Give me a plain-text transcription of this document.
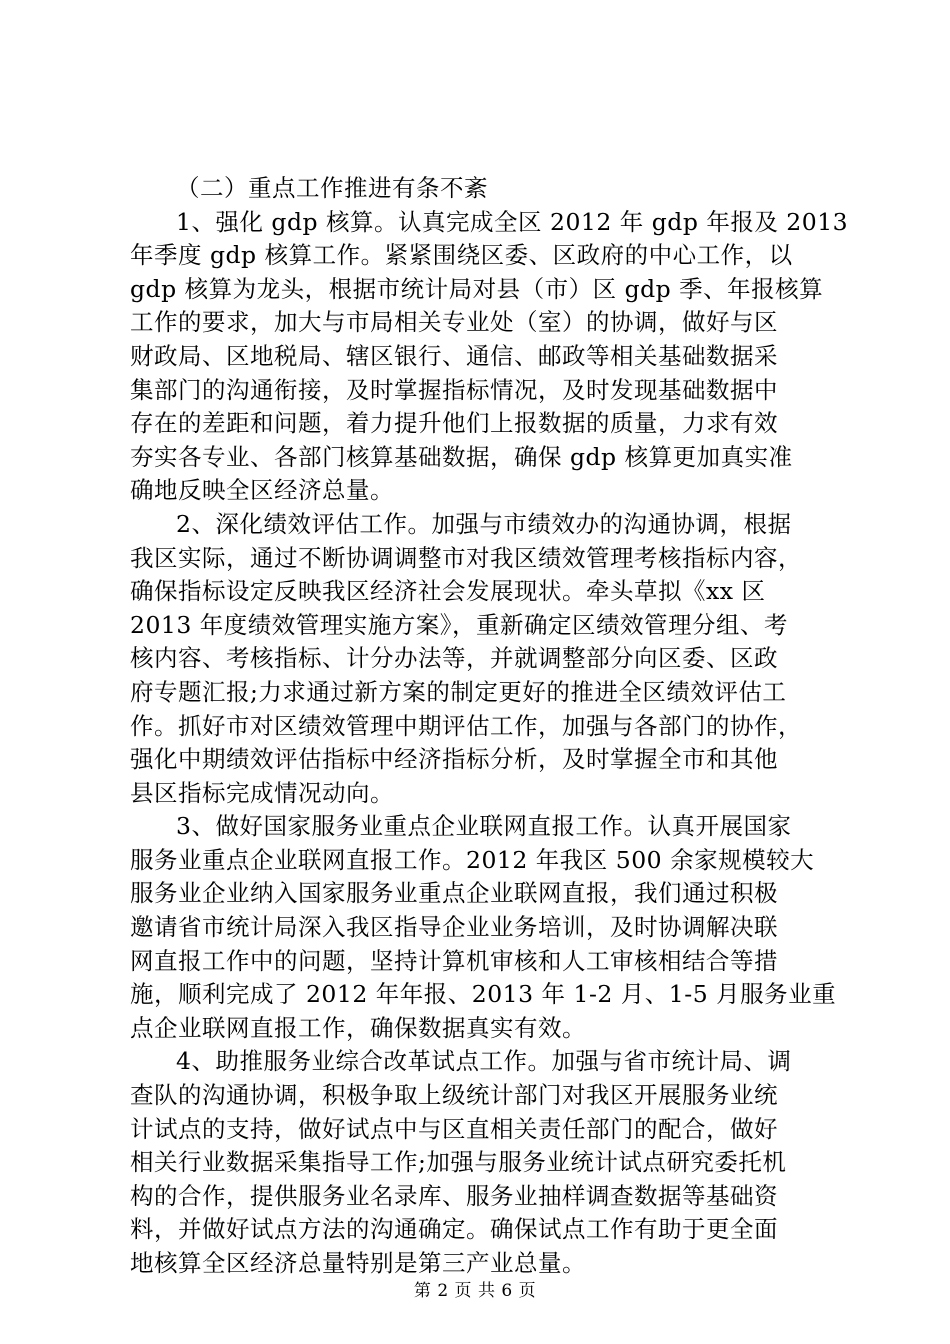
（二）重点工作推进有条不紊
1、强化 gdp 核算。认真完成全区 2012 年 gdp 年报及 2013
年季度 gdp 核算工作。紧紧围绕区委、区政府的中心工作，以
gdp 核算为龙头，根据市统计局对县（市）区 gdp 季、年报核算
工作的要求，加大与市局相关专业处（室）的协调，做好与区
财政局、区地税局、辖区银行、通信、邮政等相关基础数据采
集部门的沟通衔接，及时掌握指标情况，及时发现基础数据中
存在的差距和问题，着力提升他们上报数据的质量，力求有效
夯实各专业、各部门核算基础数据，确保 gdp 核算更加真实准
确地反映全区经济总量。
2、深化绩效评估工作。加强与市绩效办的沟通协调，根据
我区实际，通过不断协调调整市对我区绩效管理考核指标内容，
确保指标设定反映我区经济社会发展现状。牵头草拟《xx 区
2013 年度绩效管理实施方案》，重新确定区绩效管理分组、考
核内容、考核指标、计分办法等，并就调整部分向区委、区政
府专题汇报;力求通过新方案的制定更好的推进全区绩效评估工
作。抓好市对区绩效管理中期评估工作，加强与各部门的协作，
强化中期绩效评估指标中经济指标分析，及时掌握全市和其他
县区指标完成情况动向。
3、做好国家服务业重点企业联网直报工作。认真开展国家
服务业重点企业联网直报工作。2012 年我区 500 余家规模较大
服务业企业纳入国家服务业重点企业联网直报，我们通过积极
邀请省市统计局深入我区指导企业业务培训，及时协调解决联
网直报工作中的问题，坚持计算机审核和人工审核相结合等措
施，顺利完成了 2012 年年报、2013 年 1-2 月、1-5 月服务业重
点企业联网直报工作，确保数据真实有效。
4、助推服务业综合改革试点工作。加强与省市统计局、调
查队的沟通协调，积极争取上级统计部门对我区开展服务业统
计试点的支持，做好试点中与区直相关责任部门的配合，做好
相关行业数据采集指导工作;加强与服务业统计试点研究委托机
构的合作，提供服务业名录库、服务业抽样调查数据等基础资
料，并做好试点方法的沟通确定。确保试点工作有助于更全面
地核算全区经济总量特别是第三产业总量。
第 2 页 共 6 页
